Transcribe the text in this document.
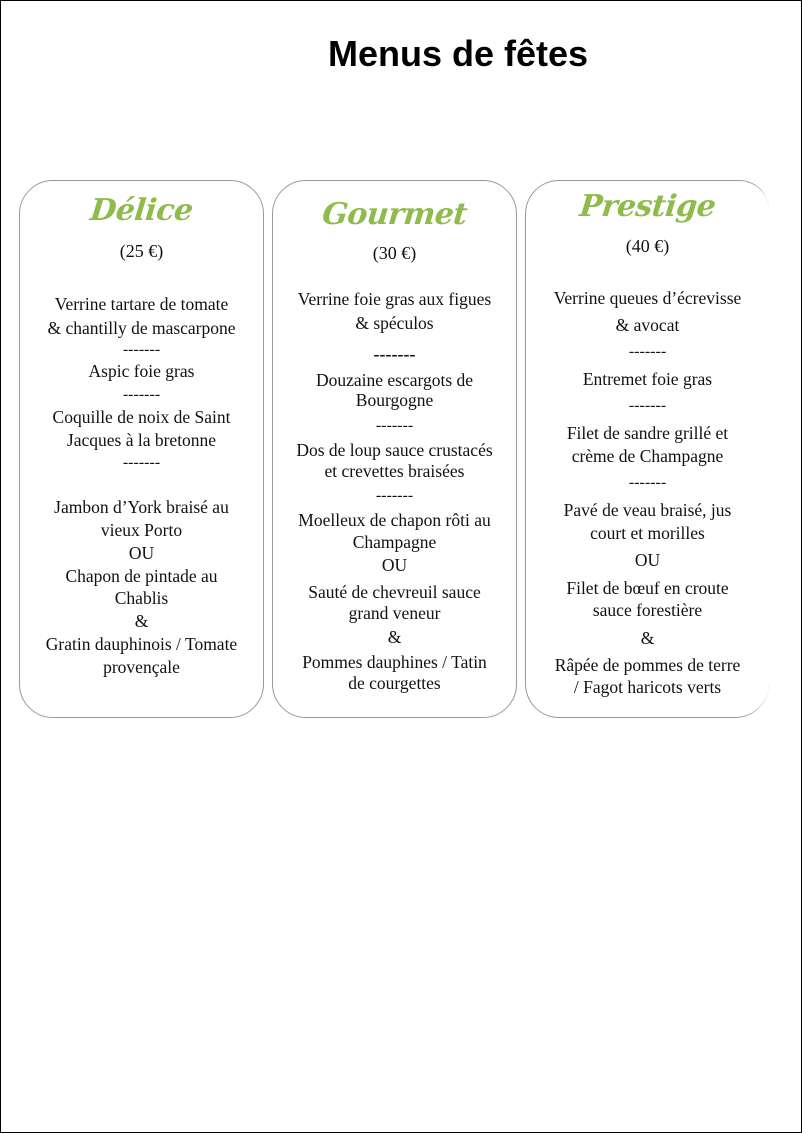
Menus de fêtes
Délice
(25 €)
Verrine tartare de tomate
& chantilly de mascarpone
-------
Aspic foie gras
-------
Coquille de noix de Saint
Jacques à la bretonne
-------
Jambon d’York braisé au
vieux Porto
OU
Chapon de pintade au
Chablis
&
Gratin dauphinois / Tomate
provençale
Gourmet
(30 €)
Verrine foie gras aux figues
& spéculos
-------
Douzaine escargots de
Bourgogne
-------
Dos de loup sauce crustacés
et crevettes braisées
-------
Moelleux de chapon rôti au
Champagne
OU
Sauté de chevreuil sauce
grand veneur
&
Pommes dauphines / Tatin
de courgettes
Prestige
(40 €)
Verrine queues d’écrevisse
& avocat
-------
Entremet foie gras
-------
Filet de sandre grillé et
crème de Champagne
-------
Pavé de veau braisé, jus
court et morilles
OU
Filet de bœuf en croute
sauce forestière
&
Râpée de pommes de terre
/ Fagot haricots verts
